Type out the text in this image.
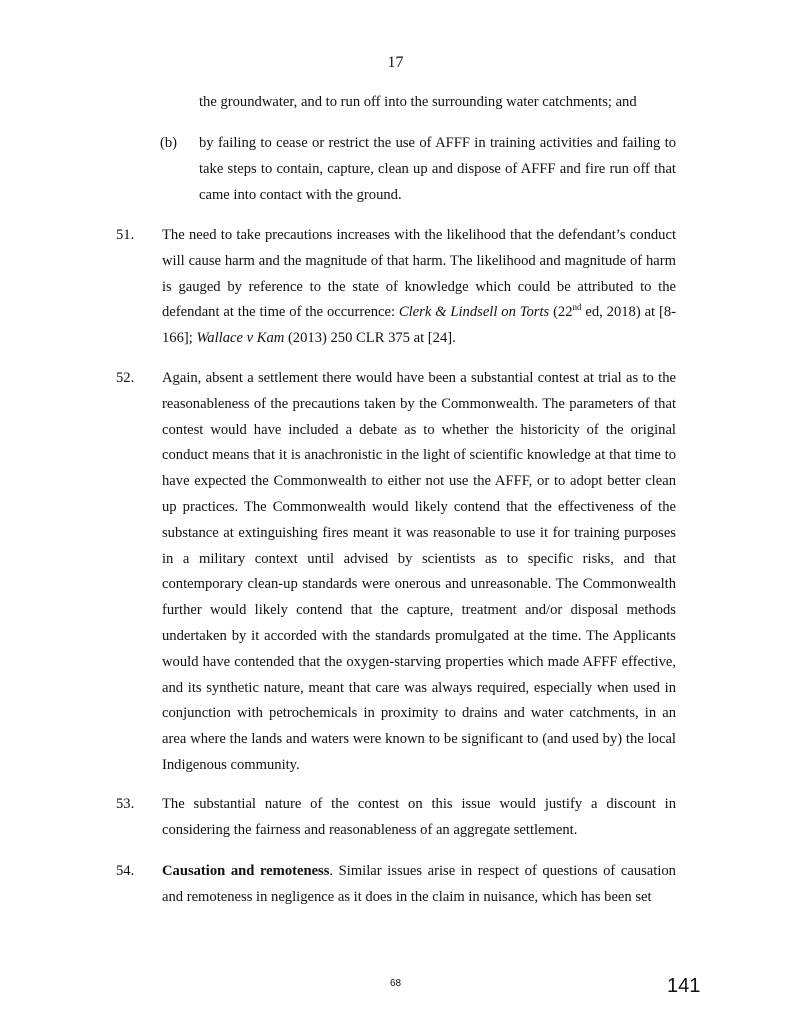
17
the groundwater, and to run off into the surrounding water catchments; and
(b) by failing to cease or restrict the use of AFFF in training activities and failing to take steps to contain, capture, clean up and dispose of AFFF and fire run off that came into contact with the ground.
51. The need to take precautions increases with the likelihood that the defendant’s conduct will cause harm and the magnitude of that harm. The likelihood and magnitude of harm is gauged by reference to the state of knowledge which could be attributed to the defendant at the time of the occurrence: Clerk & Lindsell on Torts (22nd ed, 2018) at [8-166]; Wallace v Kam (2013) 250 CLR 375 at [24].
52. Again, absent a settlement there would have been a substantial contest at trial as to the reasonableness of the precautions taken by the Commonwealth. The parameters of that contest would have included a debate as to whether the historicity of the original conduct means that it is anachronistic in the light of scientific knowledge at that time to have expected the Commonwealth to either not use the AFFF, or to adopt better clean up practices. The Commonwealth would likely contend that the effectiveness of the substance at extinguishing fires meant it was reasonable to use it for training purposes in a military context until advised by scientists as to specific risks, and that contemporary clean-up standards were onerous and unreasonable. The Commonwealth further would likely contend that the capture, treatment and/or disposal methods undertaken by it accorded with the standards promulgated at the time. The Applicants would have contended that the oxygen-starving properties which made AFFF effective, and its synthetic nature, meant that care was always required, especially when used in conjunction with petrochemicals in proximity to drains and water catchments, in an area where the lands and waters were known to be significant to (and used by) the local Indigenous community.
53. The substantial nature of the contest on this issue would justify a discount in considering the fairness and reasonableness of an aggregate settlement.
54. Causation and remoteness. Similar issues arise in respect of questions of causation and remoteness in negligence as it does in the claim in nuisance, which has been set
68	141
